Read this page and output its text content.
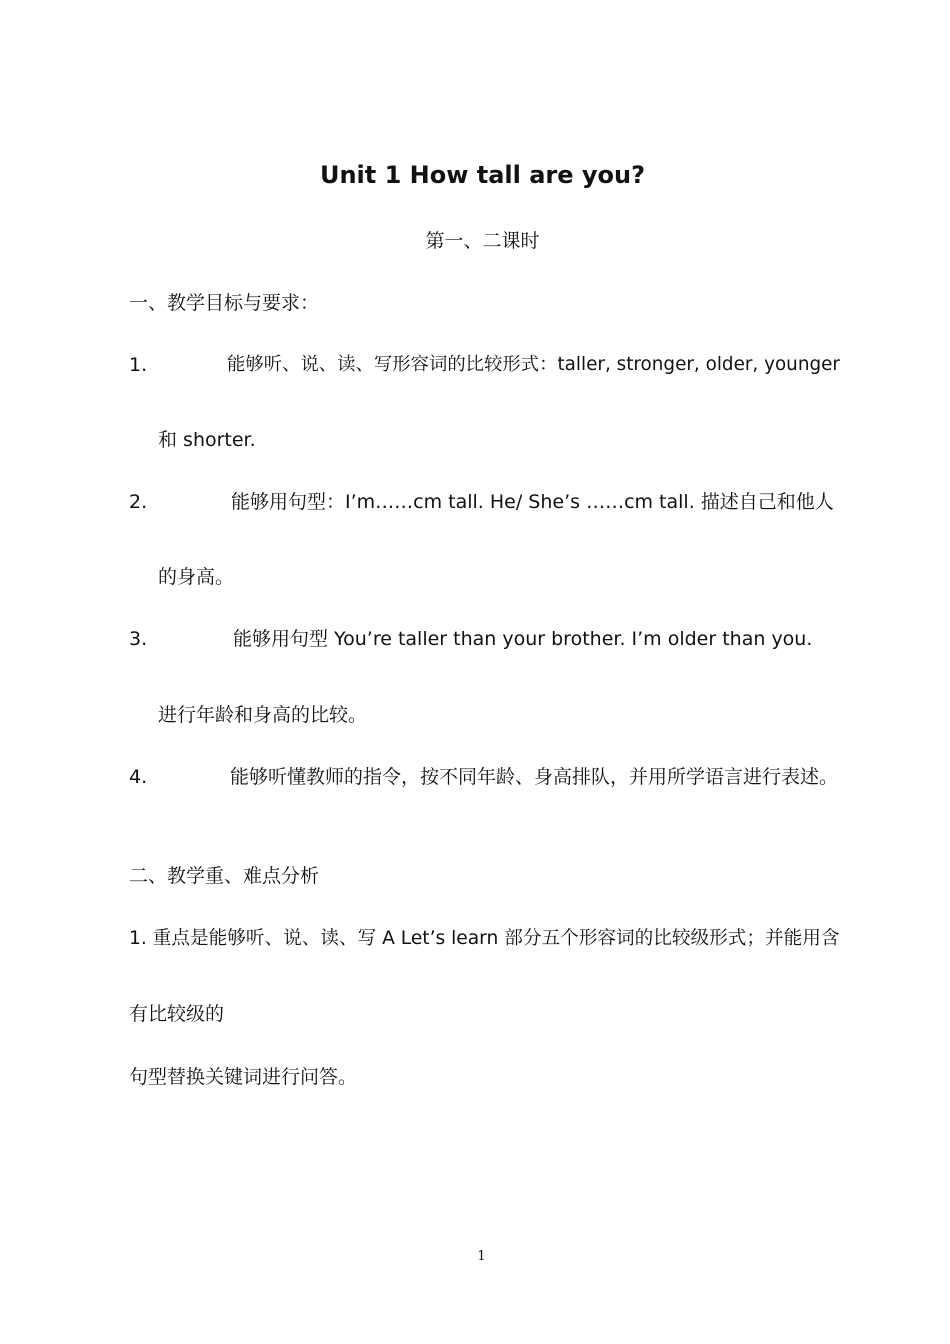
Unit 1 How tall are you?
第一、二课时
一、教学目标与要求：
1.	能够听、说、读、写形容词的比较形式：taller, stronger, older, younger
和 shorter.
2.	能够用句型：I’m……cm tall. He/ She’s ……cm tall. 描述自己和他人
的身高。
3.	能够用句型 You’re taller than your brother. I’m older than you.
进行年龄和身高的比较。
4.	能够听懂教师的指令，按不同年龄、身高排队，并用所学语言进行表述。
二、教学重、难点分析
1. 重点是能够听、说、读、写 A Let’s learn 部分五个形容词的比较级形式；并能用含
有比较级的
句型替换关键词进行问答。
1
